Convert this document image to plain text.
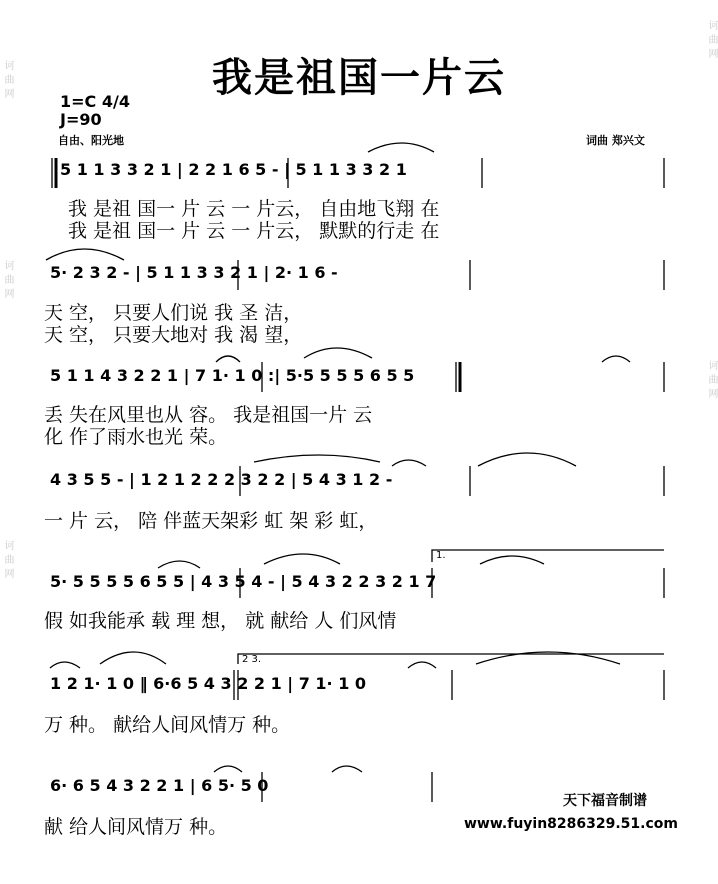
诃
曲
网
诃
曲
网
诃
曲
网
诃
曲
网
诃
曲
网
我是祖国一片云
1=C 4/4
J=90
自由、阳光地	词曲 郑兴文
1.
2 3.
5 1 1 3 3 2 1 | 2 2 1 6 5 - | 5 1 1 3 3 2 1
我 是祖 国一 片 云 一 片云， 自由地飞翔 在
我 是祖 国一 片 云 一 片云， 默默的行走 在
5· 2 3 2 - | 5 1 1 3 3 2 1 | 2· 1 6 -
天 空， 只要人们说 我 圣 洁，
天 空， 只要大地对 我 渴 望，
5 1 1 4 3 2 2 1 | 7 1· 1 0 :| 5·5 5 5 5 6 5 5
丢 失在风里也从 容。 我是祖国一片 云
化 作了雨水也光 荣。
4 3 5 5 - | 1 2 1 2 2 2 3 2 2 | 5 4 3 1 2 -
一 片 云， 陪 伴蓝天架彩 虹 架 彩 虹，
5· 5 5 5 5 6 5 5 | 4 3 5 4 - | 5 4 3 2 2 3 2 1 7
假 如我能承 载 理 想， 就 献给 人 们风情
1 2 1· 1 0 ‖ 6·6 5 4 3 2 2 1 | 7 1· 1 0
万 种。 献给人间风情万 种。
6· 6 5 4 3 2 2 1 | 6 5· 5 0
献 给人间风情万 种。
天下福音制谱
www.fuyin8286329.51.com
